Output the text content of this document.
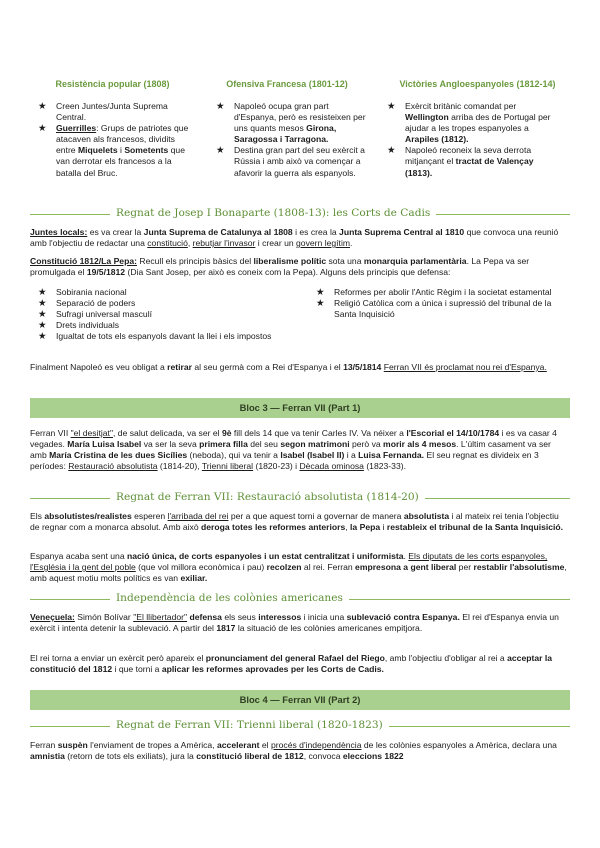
Resistència popular (1808)	Ofensiva Francesa (1801-12)	Victòries Angloespanyoles (1812-14)
★ Creen Juntes/Junta Suprema Central.
★ Guerrilles: Grups de patriotes que atacaven als francesos, dividits entre Miquelets i Sometents que van derrotar els francesos a la batalla del Bruc.
★ Napoleó ocupa gran part d'Espanya, però es resisteixen per uns quants mesos Girona, Saragossa i Tarragona.
★ Destina gran part del seu exèrcit a Rússia i amb això va començar a afavorir la guerra als espanyols.
★ Exèrcit britànic comandat per Wellington arriba des de Portugal per ajudar a les tropes espanyoles a Arapiles (1812).
★ Napoleó reconeix la seva derrota mitjançant el tractat de Valençay (1813).
Regnat de Josep I Bonaparte (1808-13): les Corts de Cadis

Juntes locals: es va crear la Junta Suprema de Catalunya al 1808 i es crea la Junta Suprema Central al 1810 que convoca una reunió amb l'objectiu de redactar una constitució, rebutjar l'invasor i crear un govern legítim.

Constitució 1812/La Pepa: Recull els principis bàsics del liberalisme polític sota una monarquia parlamentària. La Pepa va ser promulgada el 19/5/1812 (Dia Sant Josep, per això es coneix com la Pepa). Alguns dels principis que defensa:

★ Sobirania nacional
★ Separació de poders
★ Sufragi universal masculí
★ Drets individuals
★ Igualtat de tots els espanyols davant la llei i els impostos
★ Reformes per abolir l'Antic Règim i la societat estamental
★ Religió Catòlica com a única i supressió del tribunal de la Santa Inquisició

Finalment Napoleó es veu obligat a retirar al seu germà com a Rei d'Espanya i el 13/5/1814 Ferran VII és proclamat nou rei d'Espanya.

Bloc 3 — Ferran VII (Part 1)

Ferran VII "el desitjat", de salut delicada, va ser el 9è fill dels 14 que va tenir Carles IV. Va néixer a l'Escorial el 14/10/1784 i es va casar 4 vegades. María Luisa Isabel va ser la seva primera filla del seu segon matrimoni però va morir als 4 mesos. L'últim casament va ser amb María Cristina de les dues Sicílies (neboda), qui va tenir a Isabel (Isabel II) i a Luisa Fernanda. El seu regnat es divideix en 3 períodes: Restauració absolutista (1814-20), Trienni liberal (1820-23) i Dècada ominosa (1823-33).

Regnat de Ferran VII: Restauració absolutista (1814-20)

Els absolutistes/realistes esperen l'arribada del rei per a que aquest torni a governar de manera absolutista i al mateix rei tenia l'objectiu de regnar com a monarca absolut. Amb això deroga totes les reformes anteriors, la Pepa i restableix el tribunal de la Santa Inquisició.

Espanya acaba sent una nació única, de corts espanyoles i un estat centralitzat i uniformista. Els diputats de les corts espanyoles, l'Església i la gent del poble (que vol millora econòmica i pau) recolzen al rei. Ferran empresona a gent liberal per restablir l'absolutisme, amb aquest motiu molts polítics es van exiliar.

Independència de les colònies americanes

Veneçuela: Simón Bolívar "El llibertador" defensa els seus interessos i inicia una sublevació contra Espanya. El rei d'Espanya envia un exèrcit i intenta detenir la sublevació. A partir del 1817 la situació de les colònies americanes empitjora.

El rei torna a enviar un exèrcit però apareix el pronunciament del general Rafael del Riego, amb l'objectiu d'obligar al rei a acceptar la constitució del 1812 i que torni a aplicar les reformes aprovades per les Corts de Cadis.

Bloc 4 — Ferran VII (Part 2)
Regnat de Ferran VII: Trienni liberal (1820-1823)

Ferran suspèn l'enviament de tropes a Amèrica, accelerant el procés d'independència de les colònies espanyoles a Amèrica, declara una amnistia (retorn de tots els exiliats), jura la constitució liberal de 1812, convoca eleccions 1822
